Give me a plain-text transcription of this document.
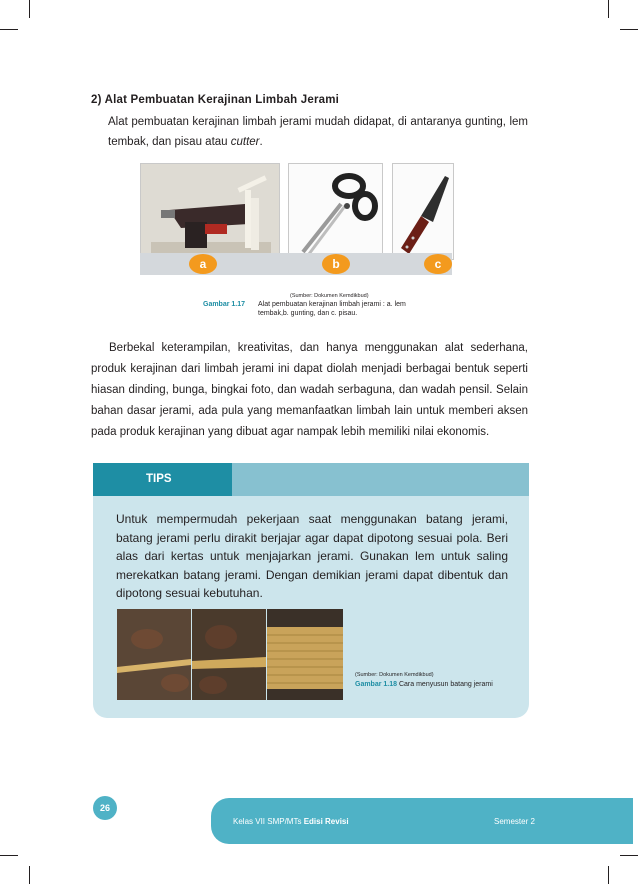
2) Alat Pembuatan Kerajinan Limbah Jerami
Alat pembuatan kerajinan limbah jerami mudah didapat, di antaranya gunting, lem tembak, dan pisau atau cutter.
a	b	c
(Sumber: Dokumen Kemdikbud)
Gambar 1.17	Alat pembuatan kerajinan limbah jerami : a. lem tembak,b. gunting, dan c. pisau.
Berbekal keterampilan, kreativitas, dan hanya menggunakan alat sederhana, produk kerajinan dari limbah jerami ini dapat diolah menjadi berbagai bentuk seperti hiasan dinding, bunga, bingkai foto, dan wadah serbaguna, dan wadah pensil. Selain bahan dasar jerami, ada pula yang memanfaatkan limbah lain untuk memberi aksen pada produk kerajinan yang dibuat agar nampak lebih memiliki nilai ekonomis.
TIPS
Untuk mempermudah pekerjaan saat menggunakan batang jerami, batang jerami perlu dirakit berjajar agar dapat dipotong sesuai pola. Beri alas dari kertas untuk menjajarkan jerami. Gunakan lem untuk saling merekatkan batang jerami. Dengan demikian jerami dapat dibentuk dan dipotong sesuai kebutuhan.
(Sumber: Dokumen Kemdikbud)
Gambar 1.18 Cara menyusun batang jerami
26
Kelas VII SMP/MTs Edisi Revisi	Semester 2
